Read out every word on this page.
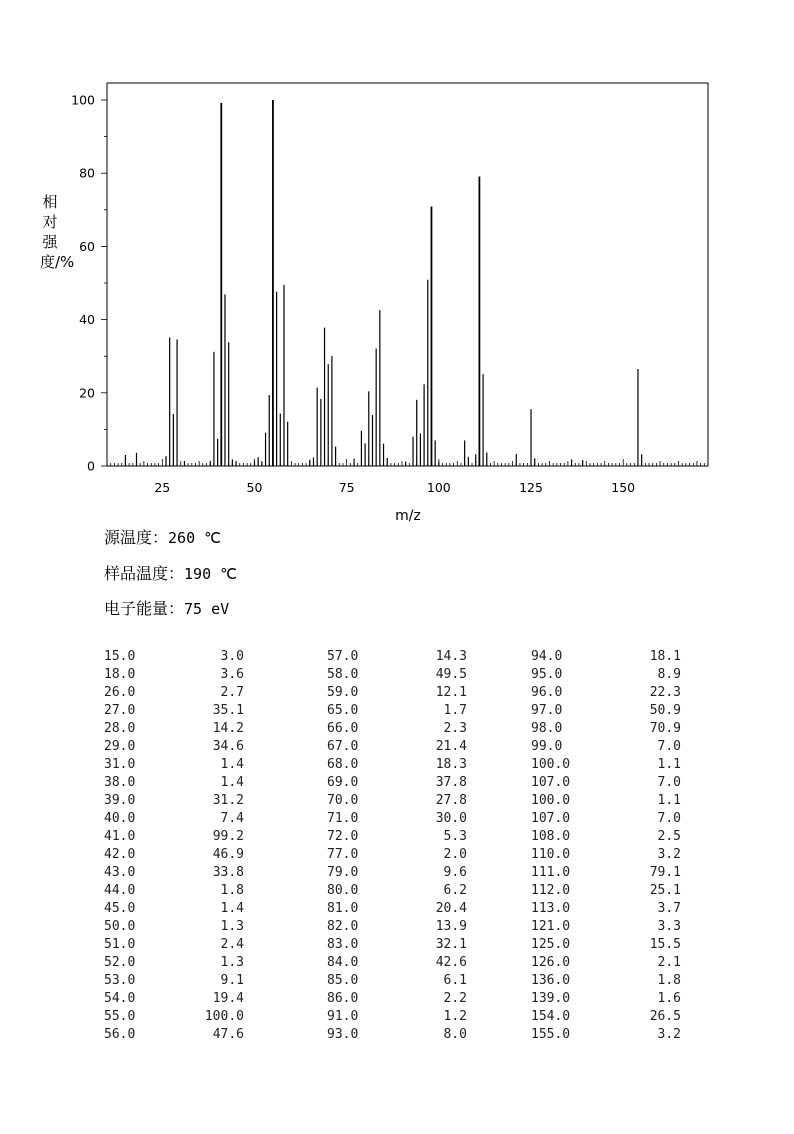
25	50	75	100	125	150
0
20
40
60
80
100
m/z
相对强度/%
源温度：260 ℃
样品温度：190 ℃
电子能量：75 eV
15.0	3.0
18.0	3.6
26.0	2.7
27.0	35.1
28.0	14.2
29.0	34.6
31.0	1.4
38.0	1.4
39.0	31.2
40.0	7.4
41.0	99.2
42.0	46.9
43.0	33.8
44.0	1.8
45.0	1.4
50.0	1.3
51.0	2.4
52.0	1.3
53.0	9.1
54.0	19.4
55.0	100.0
56.0	47.6
57.0	14.3
58.0	49.5
59.0	12.1
65.0	1.7
66.0	2.3
67.0	21.4
68.0	18.3
69.0	37.8
70.0	27.8
71.0	30.0
72.0	5.3
77.0	2.0
79.0	9.6
80.0	6.2
81.0	20.4
82.0	13.9
83.0	32.1
84.0	42.6
85.0	6.1
86.0	2.2
91.0	1.2
93.0	8.0
94.0	18.1
95.0	8.9
96.0	22.3
97.0	50.9
98.0	70.9
99.0	7.0
100.0	1.1
107.0	7.0
100.0	1.1
107.0	7.0
108.0	2.5
110.0	3.2
111.0	79.1
112.0	25.1
113.0	3.7
121.0	3.3
125.0	15.5
126.0	2.1
136.0	1.8
139.0	1.6
154.0	26.5
155.0	3.2
